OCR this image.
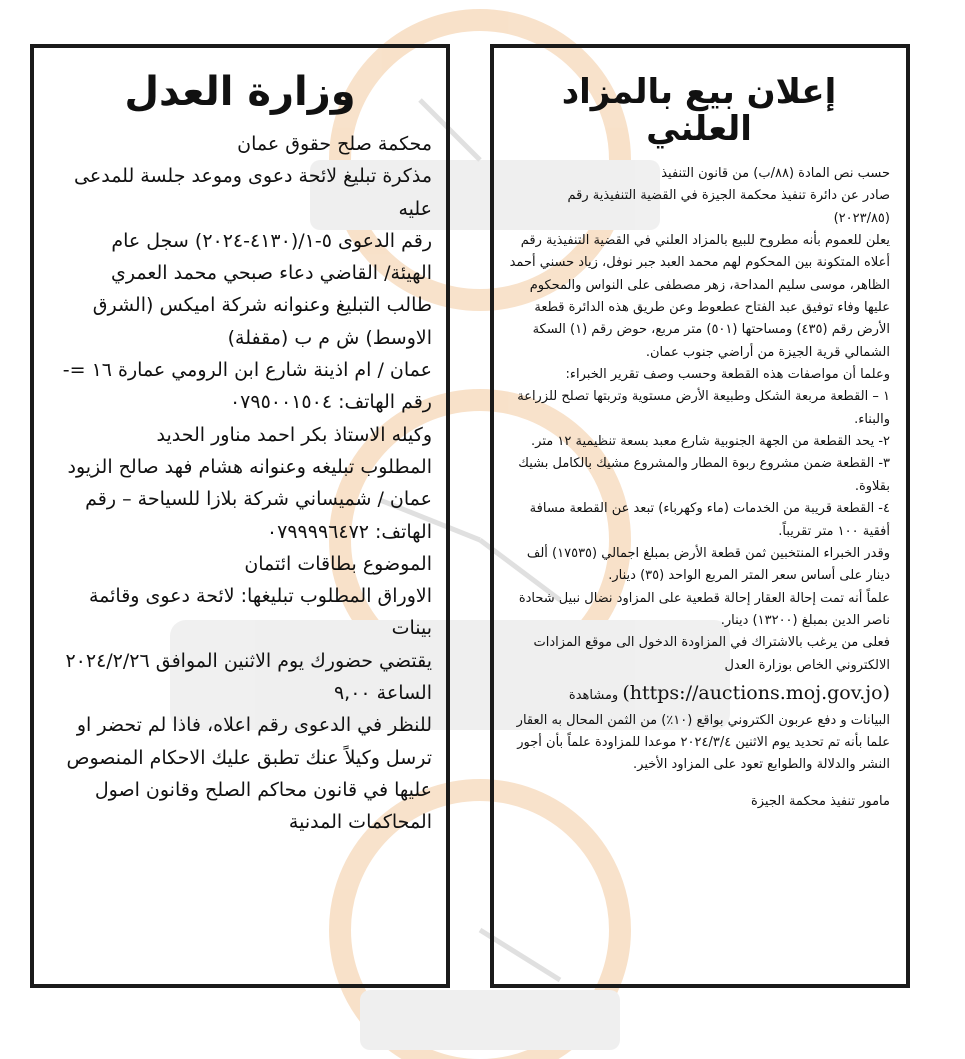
وزارة العدل

محكمة صلح حقوق عمان

مذكرة تبليغ لائحة دعوى وموعد جلسة للمدعى عليه

رقم الدعوى ٥-١/(٤١٣٠-٢٠٢٤) سجل عام

الهيئة/ القاضي دعاء صبحي محمد العمري

طالب التبليغ وعنوانه شركة اميكس (الشرق الاوسط) ش م ب (مقفلة)

عمان / ام اذينة شارع ابن الرومي عمارة ١٦ =- رقم الهاتف: ٠٧٩٥٠٠١٥٠٤

وكيله الاستاذ بكر احمد مناور الحديد

المطلوب تبليغه وعنوانه هشام فهد صالح الزيود

عمان / شميساني شركة بلازا للسياحة – رقم الهاتف: ٠٧٩٩٩٩٦٤٧٢

الموضوع بطاقات ائتمان

الاوراق المطلوب تبليغها: لائحة دعوى وقائمة بينات

يقتضي حضورك يوم الاثنين الموافق ٢٠٢٤/٢/٢٦ الساعة ٩,٠٠

للنظر في الدعوى رقم اعلاه، فاذا لم تحضر او ترسل وكيلاً عنك تطبق عليك الاحكام المنصوص عليها في قانون محاكم الصلح وقانون اصول المحاكمات المدنية

إعلان بيع بالمزاد العلني

حسب نص المادة (٨٨/ب) من قانون التنفيذ

صادر عن دائرة تنفيذ محكمة الجيزة في القضية التنفيذية رقم (٢٠٢٣/٨٥)

يعلن للعموم بأنه مطروح للبيع بالمزاد العلني في القضية التنفيذية رقم أعلاه المتكونة بين المحكوم لهم محمد العبد جبر نوفل، زياد حسني أحمد الظاهر، موسى سليم المداحة، زهر مصطفى على النواس والمحكوم عليها وفاء توفيق عبد الفتاح عطعوط وعن طريق هذه الدائرة قطعة الأرض رقم (٤٣٥) ومساحتها (٥٠١) متر مربع، حوض رقم (١) السكة الشمالي قرية الجيزة من أراضي جنوب عمان.

وعلما أن مواصفات هذه القطعة وحسب وصف تقرير الخبراء:

١ – القطعة مربعة الشكل وطبيعة الأرض مستوية وتربتها تصلح للزراعة والبناء.

٢- يحد القطعة من الجهة الجنوبية شارع معبد بسعة تنظيمية ١٢ متر.

٣- القطعة ضمن مشروع ربوة المطار والمشروع مشيك بالكامل بشيك بقلاوة.

٤- القطعة قريبة من الخدمات (ماء وكهرباء) تبعد عن القطعة مسافة أفقية ١٠٠ متر تقريباً.

وقدر الخبراء المنتخبين ثمن قطعة الأرض بمبلغ اجمالي (١٧٥٣٥) ألف دينار على أساس سعر المتر المربع الواحد (٣٥) دينار.

علماً أنه تمت إحالة العقار إحالة قطعية على المزاود نضال نبيل شحادة ناصر الدين بمبلغ (١٣٢٠٠) دينار.

فعلى من يرغب بالاشتراك في المزاودة الدخول الى موقع المزادات الالكتروني الخاص بوزارة العدل

(https://auctions.moj.gov.jo) ومشاهدة

البيانات و دفع عربون الكتروني بواقع (١٠٪) من الثمن المحال به العقار علما بأنه تم تحديد يوم الاثنين ٢٠٢٤/٣/٤ موعدا للمزاودة علماً بأن أجور النشر والدلالة والطوابع تعود على المزاود الأخير.

مامور تنفيذ محكمة الجيزة
